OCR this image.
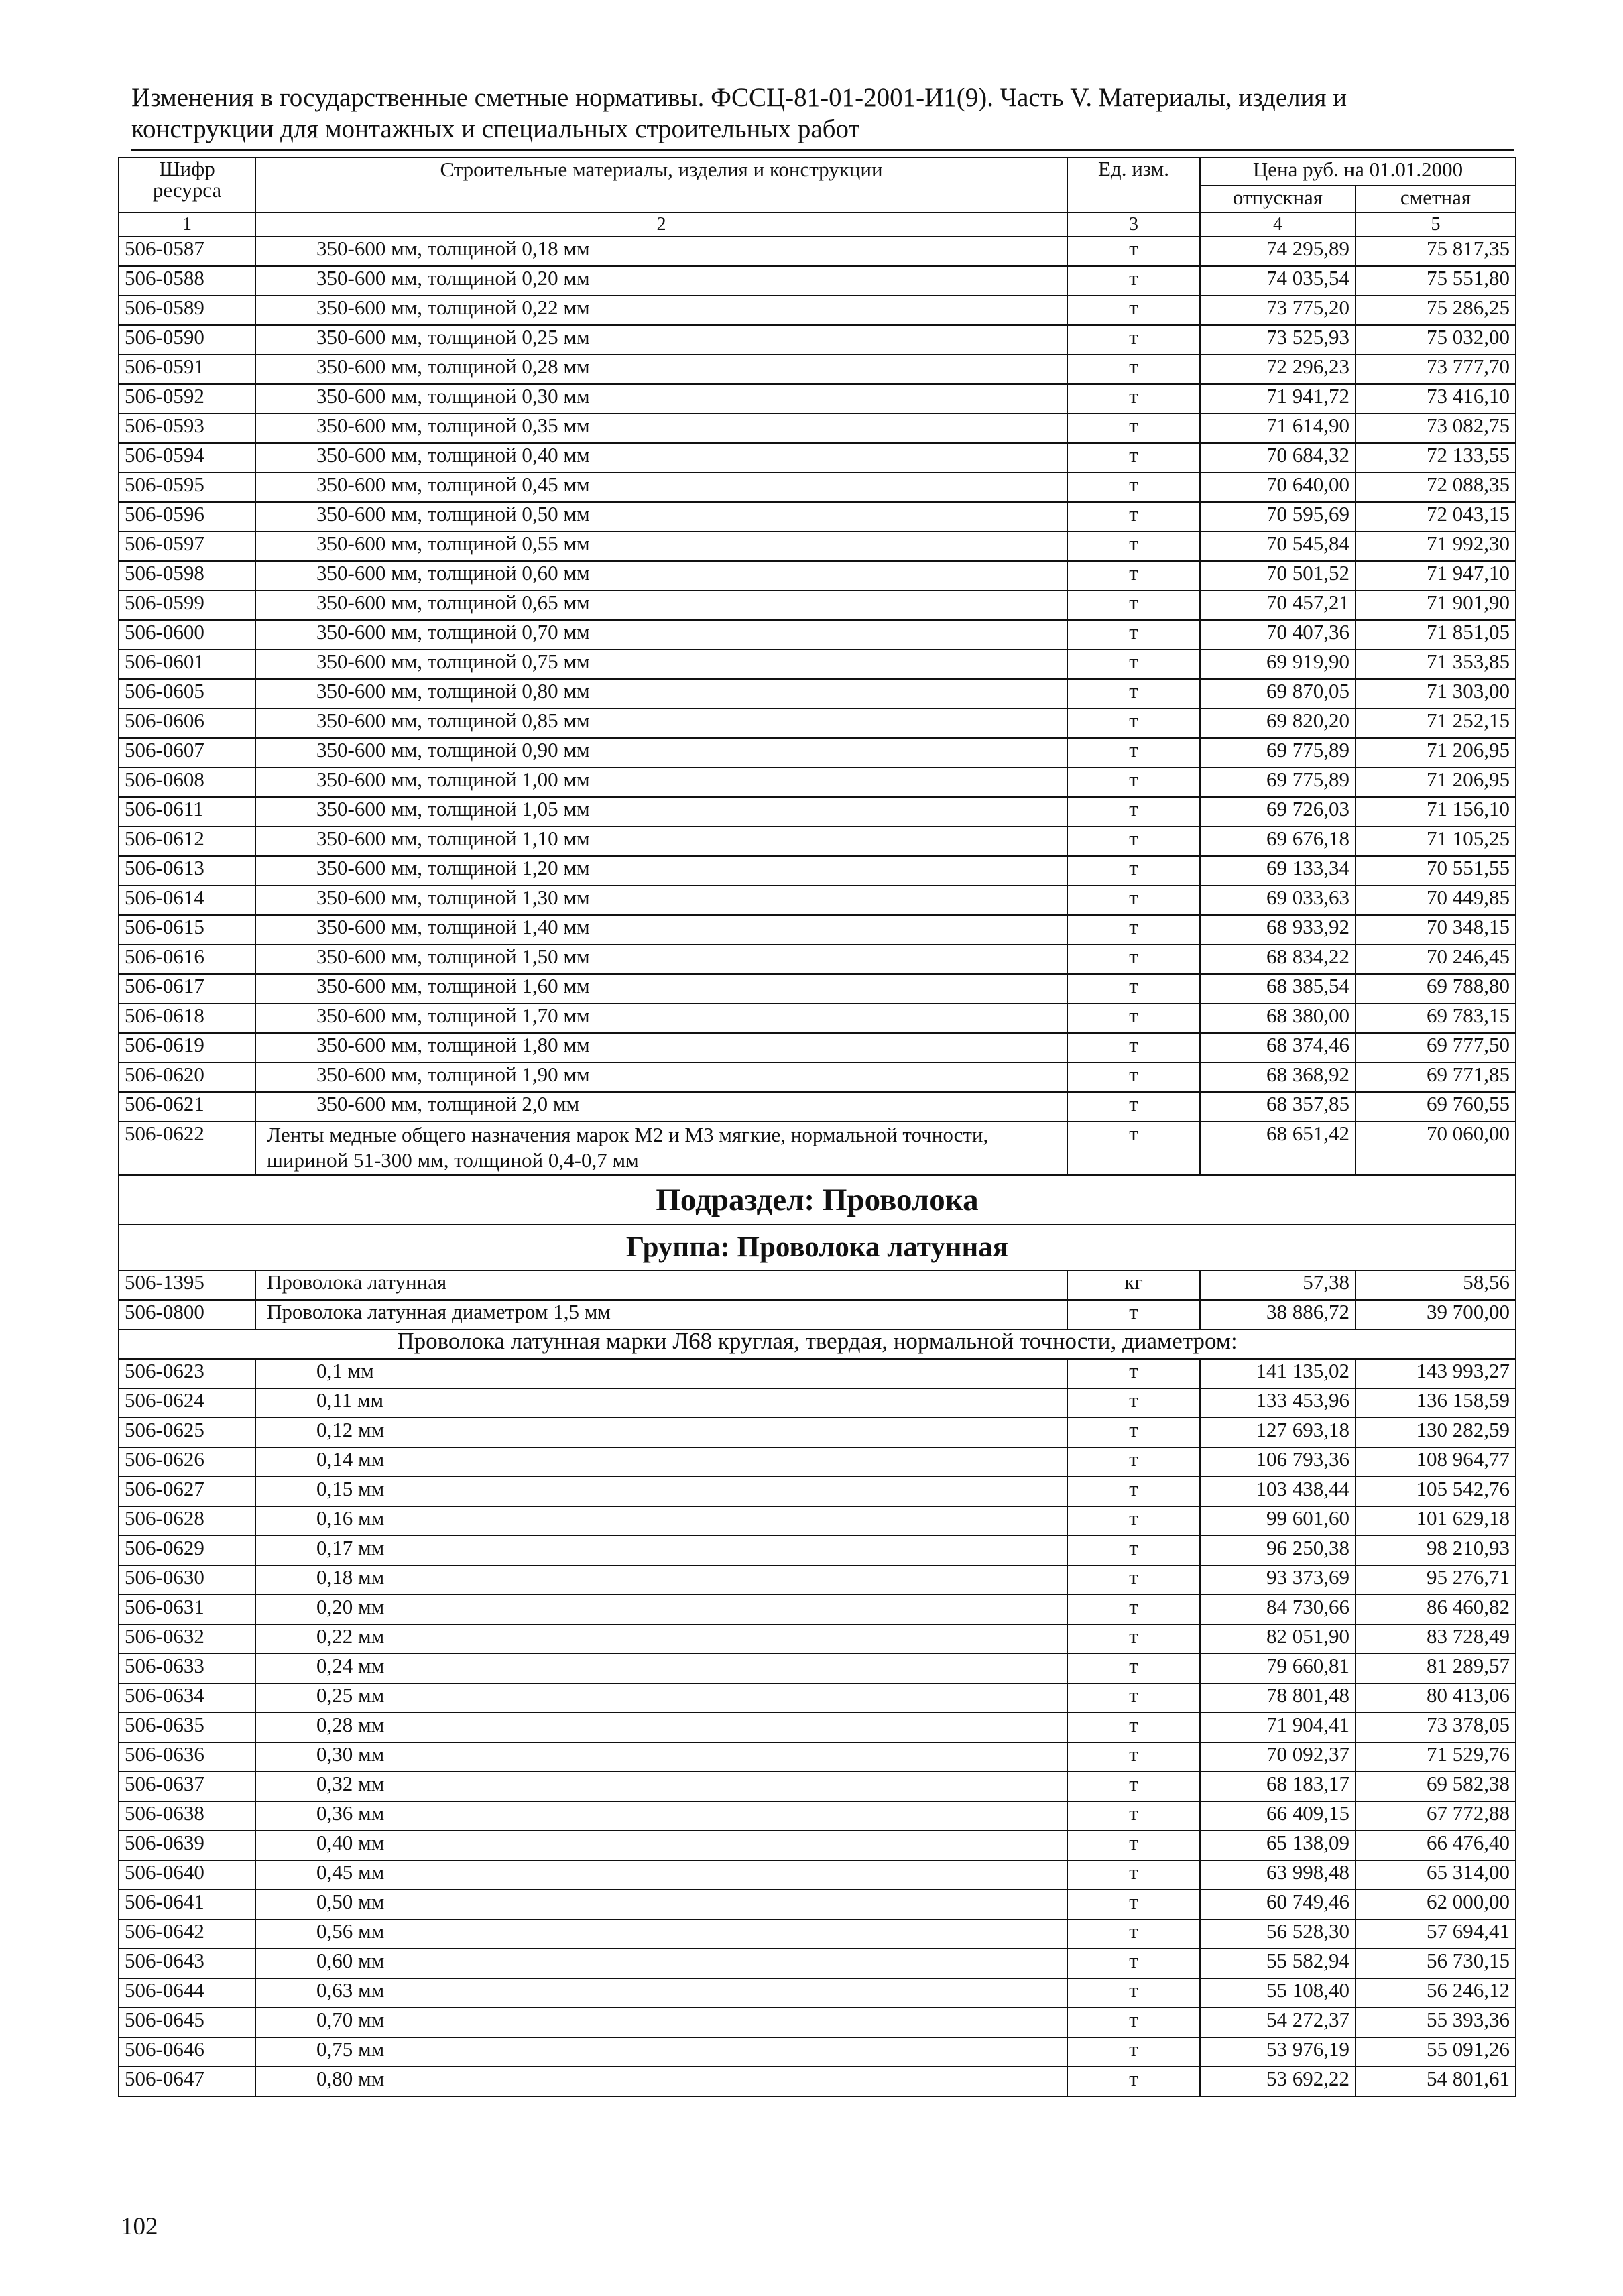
Изменения в государственные сметные нормативы. ФССЦ-81-01-2001-И1(9). Часть V. Материалы, изделия и
конструкции для монтажных и специальных строительных работ
Шифр ресурса	Строительные материалы, изделия и конструкции	Ед. изм.	Цена руб. на 01.01.2000	
			отпускная	сметная
1	2	3	4	5
506-0587	350-600 мм, толщиной 0,18 мм	т	74 295,89	75 817,35
506-0588	350-600 мм, толщиной 0,20 мм	т	74 035,54	75 551,80
506-0589	350-600 мм, толщиной 0,22 мм	т	73 775,20	75 286,25
506-0590	350-600 мм, толщиной 0,25 мм	т	73 525,93	75 032,00
506-0591	350-600 мм, толщиной 0,28 мм	т	72 296,23	73 777,70
506-0592	350-600 мм, толщиной 0,30 мм	т	71 941,72	73 416,10
506-0593	350-600 мм, толщиной 0,35 мм	т	71 614,90	73 082,75
506-0594	350-600 мм, толщиной 0,40 мм	т	70 684,32	72 133,55
506-0595	350-600 мм, толщиной 0,45 мм	т	70 640,00	72 088,35
506-0596	350-600 мм, толщиной 0,50 мм	т	70 595,69	72 043,15
506-0597	350-600 мм, толщиной 0,55 мм	т	70 545,84	71 992,30
506-0598	350-600 мм, толщиной 0,60 мм	т	70 501,52	71 947,10
506-0599	350-600 мм, толщиной 0,65 мм	т	70 457,21	71 901,90
506-0600	350-600 мм, толщиной 0,70 мм	т	70 407,36	71 851,05
506-0601	350-600 мм, толщиной 0,75 мм	т	69 919,90	71 353,85
506-0605	350-600 мм, толщиной 0,80 мм	т	69 870,05	71 303,00
506-0606	350-600 мм, толщиной 0,85 мм	т	69 820,20	71 252,15
506-0607	350-600 мм, толщиной 0,90 мм	т	69 775,89	71 206,95
506-0608	350-600 мм, толщиной 1,00 мм	т	69 775,89	71 206,95
506-0611	350-600 мм, толщиной 1,05 мм	т	69 726,03	71 156,10
506-0612	350-600 мм, толщиной 1,10 мм	т	69 676,18	71 105,25
506-0613	350-600 мм, толщиной 1,20 мм	т	69 133,34	70 551,55
506-0614	350-600 мм, толщиной 1,30 мм	т	69 033,63	70 449,85
506-0615	350-600 мм, толщиной 1,40 мм	т	68 933,92	70 348,15
506-0616	350-600 мм, толщиной 1,50 мм	т	68 834,22	70 246,45
506-0617	350-600 мм, толщиной 1,60 мм	т	68 385,54	69 788,80
506-0618	350-600 мм, толщиной 1,70 мм	т	68 380,00	69 783,15
506-0619	350-600 мм, толщиной 1,80 мм	т	68 374,46	69 777,50
506-0620	350-600 мм, толщиной 1,90 мм	т	68 368,92	69 771,85
506-0621	350-600 мм, толщиной 2,0 мм	т	68 357,85	69 760,55
506-0622	Ленты медные общего назначения марок М2 и М3 мягкие, нормальной точности, шириной 51-300 мм, толщиной 0,4-0,7 мм	т	68 651,42	70 060,00
Подраздел: Проволока				
Группа: Проволока латунная				
506-1395	Проволока латунная	кг	57,38	58,56
506-0800	Проволока латунная диаметром 1,5 мм	т	38 886,72	39 700,00
Проволока латунная марки Л68 круглая, твердая, нормальной точности, диаметром:				
506-0623	0,1 мм	т	141 135,02	143 993,27
506-0624	0,11 мм	т	133 453,96	136 158,59
506-0625	0,12 мм	т	127 693,18	130 282,59
506-0626	0,14 мм	т	106 793,36	108 964,77
506-0627	0,15 мм	т	103 438,44	105 542,76
506-0628	0,16 мм	т	99 601,60	101 629,18
506-0629	0,17 мм	т	96 250,38	98 210,93
506-0630	0,18 мм	т	93 373,69	95 276,71
506-0631	0,20 мм	т	84 730,66	86 460,82
506-0632	0,22 мм	т	82 051,90	83 728,49
506-0633	0,24 мм	т	79 660,81	81 289,57
506-0634	0,25 мм	т	78 801,48	80 413,06
506-0635	0,28 мм	т	71 904,41	73 378,05
506-0636	0,30 мм	т	70 092,37	71 529,76
506-0637	0,32 мм	т	68 183,17	69 582,38
506-0638	0,36 мм	т	66 409,15	67 772,88
506-0639	0,40 мм	т	65 138,09	66 476,40
506-0640	0,45 мм	т	63 998,48	65 314,00
506-0641	0,50 мм	т	60 749,46	62 000,00
506-0642	0,56 мм	т	56 528,30	57 694,41
506-0643	0,60 мм	т	55 582,94	56 730,15
506-0644	0,63 мм	т	55 108,40	56 246,12
506-0645	0,70 мм	т	54 272,37	55 393,36
506-0646	0,75 мм	т	53 976,19	55 091,26
506-0647	0,80 мм	т	53 692,22	54 801,61
102
